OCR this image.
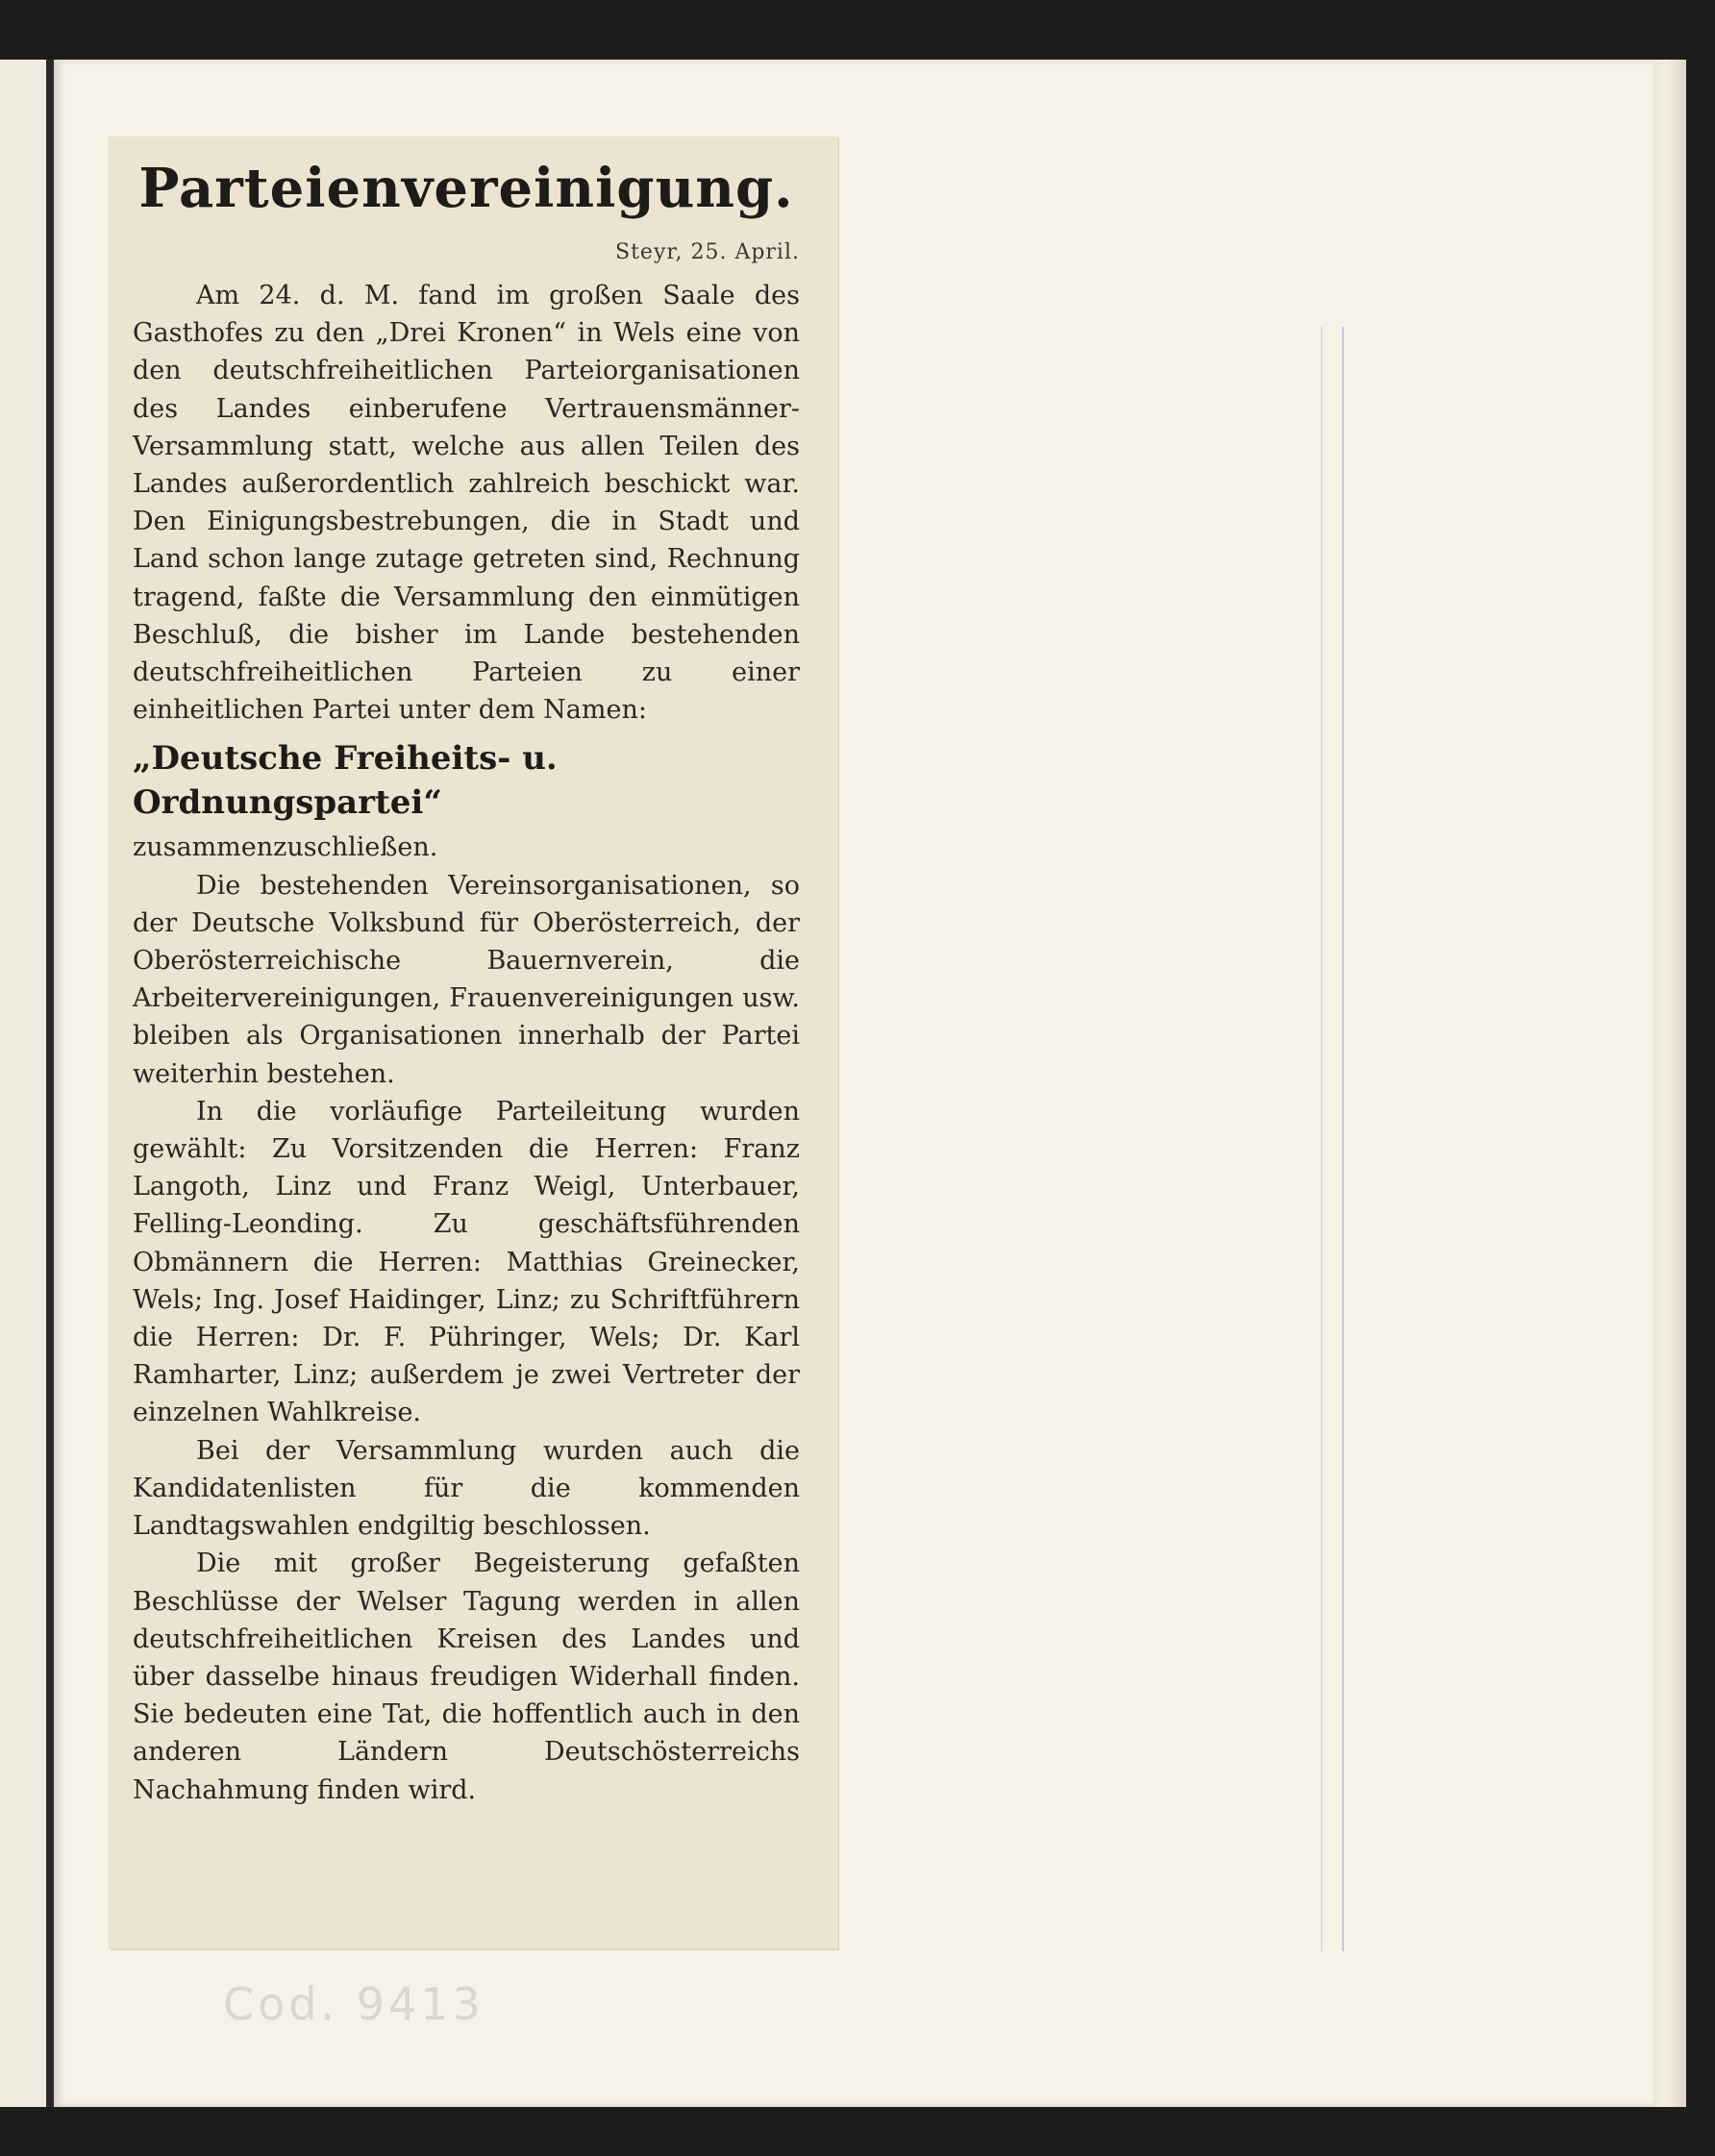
Parteienvereinigung.
Steyr, 25. April.

Am 24. d. M. fand im großen Saale des Gasthofes zu den „Drei Kronen“ in Wels eine von den deutschfreiheitlichen Parteiorganisationen des Landes einberufene Vertrauensmänner-Versammlung statt, welche aus allen Teilen des Landes außerordentlich zahlreich beschickt war. Den Einigungsbestrebungen, die in Stadt und Land schon lange zutage getreten sind, Rechnung tragend, faßte die Versammlung den einmütigen Beschluß, die bisher im Lande bestehenden deutschfreiheitlichen Parteien zu einer einheitlichen Partei unter dem Namen:

„Deutsche Freiheits- u. Ordnungspartei“

zusammenzuschließen.

Die bestehenden Vereinsorganisationen, so der Deutsche Volksbund für Oberösterreich, der Oberösterreichische Bauernverein, die Arbeitervereinigungen, Frauenvereinigungen usw. bleiben als Organisationen innerhalb der Partei weiterhin bestehen.

In die vorläufige Parteileitung wurden gewählt: Zu Vorsitzenden die Herren: Franz Langoth, Linz und Franz Weigl, Unterbauer, Felling-Leonding. Zu geschäftsführenden Obmännern die Herren: Matthias Greinecker, Wels; Ing. Josef Haidinger, Linz; zu Schriftführern die Herren: Dr. F. Pühringer, Wels; Dr. Karl Ramharter, Linz; außerdem je zwei Vertreter der einzelnen Wahlkreise.

Bei der Versammlung wurden auch die Kandidatenlisten für die kommenden Landtagswahlen endgiltig beschlossen.

Die mit großer Begeisterung gefaßten Beschlüsse der Welser Tagung werden in allen deutschfreiheitlichen Kreisen des Landes und über dasselbe hinaus freudigen Widerhall finden. Sie bedeuten eine Tat, die hoffentlich auch in den anderen Ländern Deutschösterreichs Nachahmung finden wird.

Cod. 9413
